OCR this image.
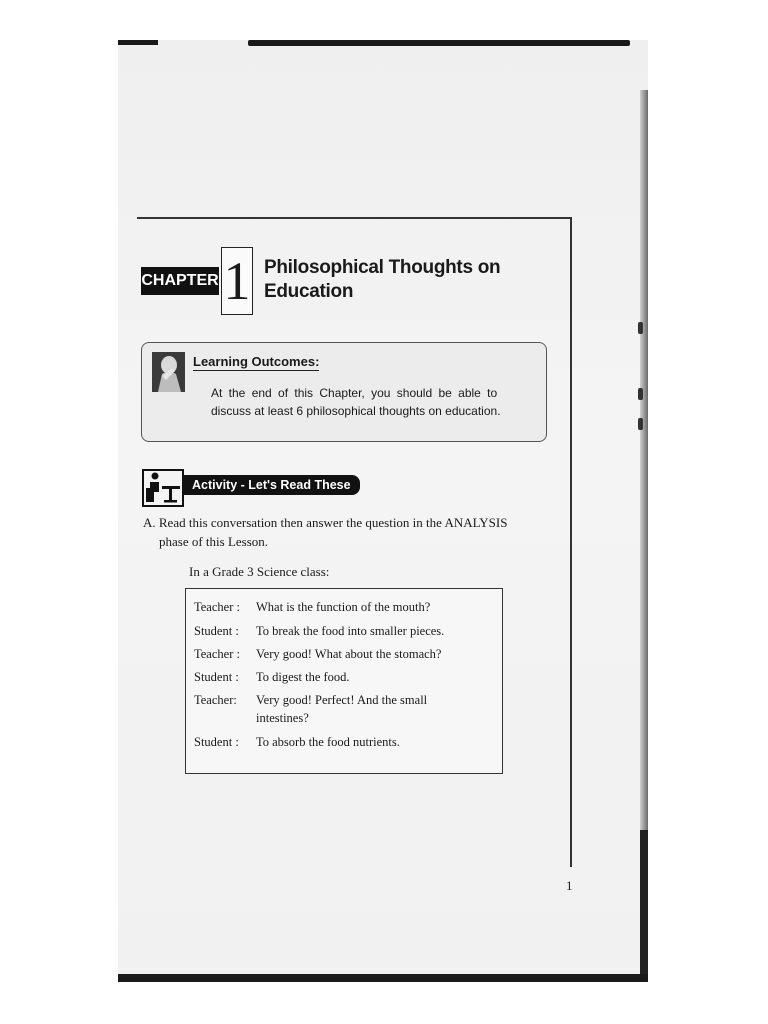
CHAPTER 1 Philosophical Thoughts on
Education
Learning Outcomes:
At the end of this Chapter, you should be able to
discuss at least 6 philosophical thoughts on education.
Activity - Let's Read These
A. Read this conversation then answer the question in the ANALYSIS
phase of this Lesson.
In a Grade 3 Science class:
Teacher : What is the function of the mouth?
Student : To break the food into smaller pieces.
Teacher : Very good! What about the stomach?
Student : To digest the food.
Teacher: Very good! Perfect! And the small
intestines?
Student : To absorb the food nutrients.
1
